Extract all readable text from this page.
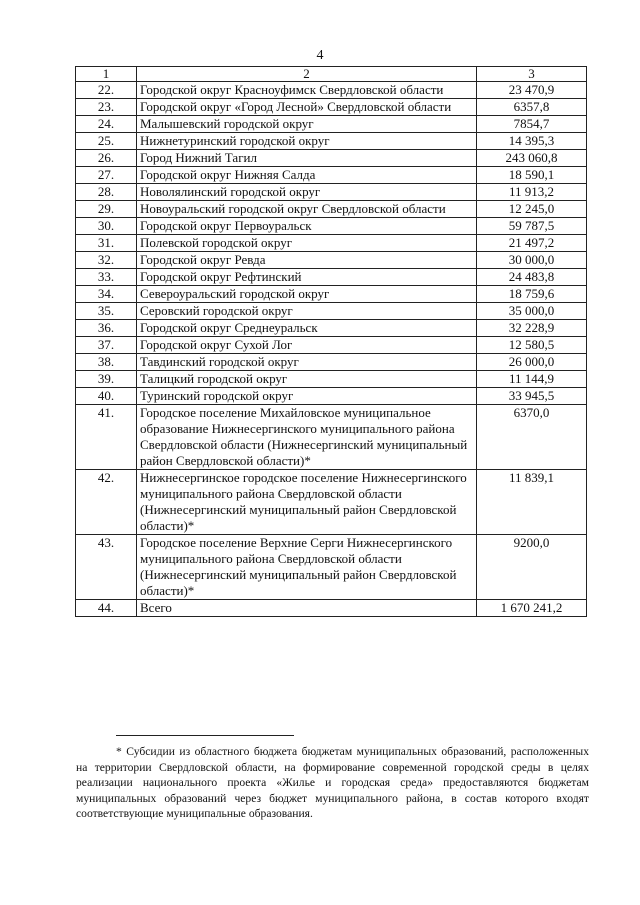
4
1	2	3
22.	Городской округ Красноуфимск Свердловской области	23 470,9
23.	Городской округ «Город Лесной» Свердловской области	6357,8
24.	Малышевский городской округ	7854,7
25.	Нижнетуринский городской округ	14 395,3
26.	Город Нижний Тагил	243 060,8
27.	Городской округ Нижняя Салда	18 590,1
28.	Новолялинский городской округ	11 913,2
29.	Новоуральский городской округ Свердловской области	12 245,0
30.	Городской округ Первоуральск	59 787,5
31.	Полевской городской округ	21 497,2
32.	Городской округ Ревда	30 000,0
33.	Городской округ Рефтинский	24 483,8
34.	Североуральский городской округ	18 759,6
35.	Серовский городской округ	35 000,0
36.	Городской округ Среднеуральск	32 228,9
37.	Городской округ Сухой Лог	12 580,5
38.	Тавдинский городской округ	26 000,0
39.	Талицкий городской округ	11 144,9
40.	Туринский городской округ	33 945,5
41.	Городское поселение Михайловское муниципальное образование Нижнесергинского муниципального района Свердловской области (Нижнесергинский муниципальный район Свердловской области)*	6370,0
42.	Нижнесергинское городское поселение Нижнесергинского муниципального района Свердловской области (Нижнесергинский муниципальный район Свердловской области)*	11 839,1
43.	Городское поселение Верхние Серги Нижнесергинского муниципального района Свердловской области (Нижнесергинский муниципальный район Свердловской области)*	9200,0
44.	Всего	1 670 241,2
* Субсидии из областного бюджета бюджетам муниципальных образований, расположенных на территории Свердловской области, на формирование современной городской среды в целях реализации национального проекта «Жилье и городская среда» предоставляются бюджетам муниципальных образований через бюджет муниципального района, в состав которого входят соответствующие муниципальные образования.
